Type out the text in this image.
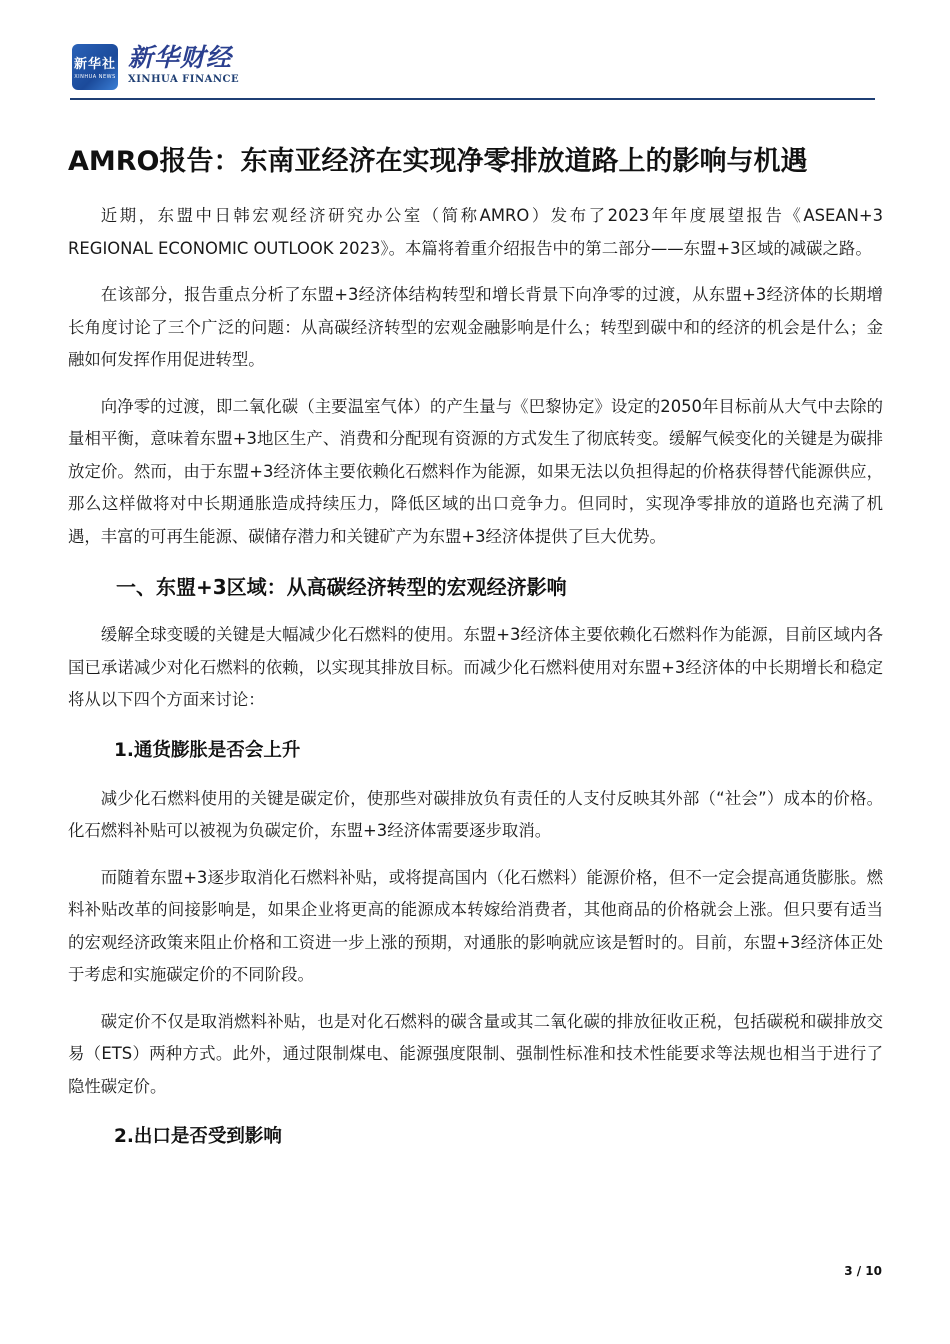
新华社
XINHUA NEWS
新华财经
XINHUA FINANCE
AMRO报告：东南亚经济在实现净零排放道路上的影响与机遇

近期，东盟中日韩宏观经济研究办公室（简称AMRO）发布了2023年年度展望报告《ASEAN+3 REGIONAL ECONOMIC OUTLOOK 2023》。本篇将着重介绍报告中的第二部分——东盟+3区域的减碳之路。

在该部分，报告重点分析了东盟+3经济体结构转型和增长背景下向净零的过渡，从东盟+3经济体的长期增长角度讨论了三个广泛的问题：从高碳经济转型的宏观金融影响是什么；转型到碳中和的经济的机会是什么；金融如何发挥作用促进转型。

向净零的过渡，即二氧化碳（主要温室气体）的产生量与《巴黎协定》设定的2050年目标前从大气中去除的量相平衡，意味着东盟+3地区生产、消费和分配现有资源的方式发生了彻底转变。缓解气候变化的关键是为碳排放定价。然而，由于东盟+3经济体主要依赖化石燃料作为能源，如果无法以负担得起的价格获得替代能源供应，那么这样做将对中长期通胀造成持续压力，降低区域的出口竞争力。但同时，实现净零排放的道路也充满了机遇，丰富的可再生能源、碳储存潜力和关键矿产为东盟+3经济体提供了巨大优势。

一、东盟+3区域：从高碳经济转型的宏观经济影响

缓解全球变暖的关键是大幅减少化石燃料的使用。东盟+3经济体主要依赖化石燃料作为能源，目前区域内各国已承诺减少对化石燃料的依赖，以实现其排放目标。而减少化石燃料使用对东盟+3经济体的中长期增长和稳定将从以下四个方面来讨论：

1.通货膨胀是否会上升

减少化石燃料使用的关键是碳定价，使那些对碳排放负有责任的人支付反映其外部（“社会”）成本的价格。化石燃料补贴可以被视为负碳定价，东盟+3经济体需要逐步取消。

而随着东盟+3逐步取消化石燃料补贴，或将提高国内（化石燃料）能源价格，但不一定会提高通货膨胀。燃料补贴改革的间接影响是，如果企业将更高的能源成本转嫁给消费者，其他商品的价格就会上涨。但只要有适当的宏观经济政策来阻止价格和工资进一步上涨的预期，对通胀的影响就应该是暂时的。目前，东盟+3经济体正处于考虑和实施碳定价的不同阶段。

碳定价不仅是取消燃料补贴，也是对化石燃料的碳含量或其二氧化碳的排放征收正税，包括碳税和碳排放交易（ETS）两种方式。此外，通过限制煤电、能源强度限制、强制性标准和技术性能要求等法规也相当于进行了隐性碳定价。

2.出口是否受到影响
3 / 10
